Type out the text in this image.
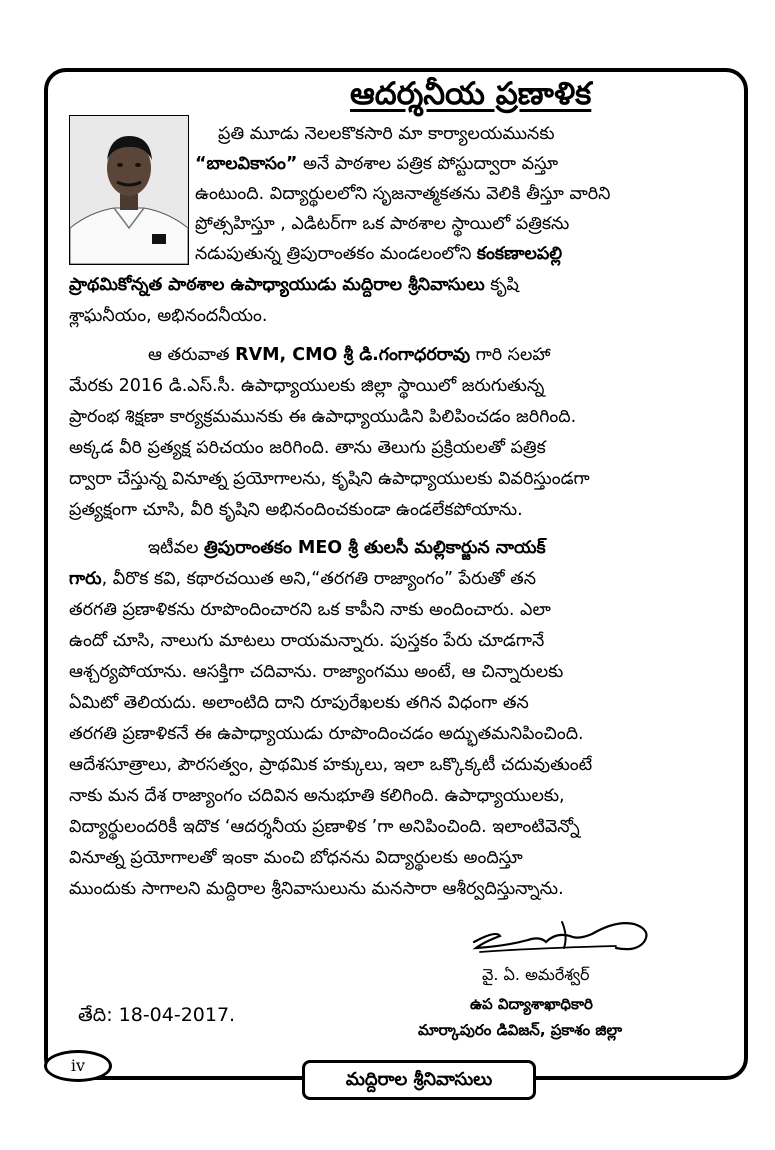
ఆదర్శనీయ ప్రణాళిక
ప్రతి మూడు నెలలకొకసారి మా కార్యాలయమునకు
“బాలవికాసం” అనే పాఠశాల పత్రిక పోస్టుద్వారా వస్తూ
ఉంటుంది. విద్యార్థులలోని సృజనాత్మకతను వెలికి తీస్తూ వారిని
ప్రోత్సహిస్తూ , ఎడిటర్‌గా ఒక పాఠశాల స్థాయిలో పత్రికను
నడుపుతున్న త్రిపురాంతకం మండలంలోని కంకణాలపల్లి
ప్రాథమికోన్నత పాఠశాల ఉపాధ్యాయుడు మద్దిరాల శ్రీనివాసులు కృషి
శ్లాఘనీయం, అభినందనీయం.
ఆ తరువాత RVM, CMO శ్రీ డి.గంగాధరరావు గారి సలహా
మేరకు 2016 డి.ఎస్.సీ. ఉపాధ్యాయులకు జిల్లా స్థాయిలో జరుగుతున్న
ప్రారంభ శిక్షణా కార్యక్రమమునకు ఈ ఉపాధ్యాయుడిని పిలిపించడం జరిగింది.
అక్కడ వీరి ప్రత్యక్ష పరిచయం జరిగింది. తాను తెలుగు ప్రక్రియలతో పత్రిక
ద్వారా చేస్తున్న వినూత్న ప్రయోగాలను, కృషిని ఉపాధ్యాయులకు వివరిస్తుండగా
ప్రత్యక్షంగా చూసి, వీరి కృషిని అభినందించకుండా ఉండలేకపోయాను.
ఇటీవల త్రిపురాంతకం MEO శ్రీ తులసీ మల్లికార్జున నాయక్
గారు, వీరొక కవి, కథారచయిత అని,“తరగతి రాజ్యాంగం” పేరుతో తన
తరగతి ప్రణాళికను రూపొందించారని ఒక కాపీని నాకు అందించారు. ఎలా
ఉందో చూసి, నాలుగు మాటలు రాయమన్నారు. పుస్తకం పేరు చూడగానే
ఆశ్చర్యపోయాను. ఆసక్తిగా చదివాను. రాజ్యాంగము అంటే, ఆ చిన్నారులకు
ఏమిటో తెలియదు. అలాంటిది దాని రూపురేఖలకు తగిన విధంగా తన
తరగతి ప్రణాళికనే ఈ ఉపాధ్యాయుడు రూపొందించడం అద్భుతమనిపించింది.
ఆదేశసూత్రాలు, పౌరసత్వం, ప్రాథమిక హక్కులు, ఇలా ఒక్కొక్కటీ చదువుతుంటే
నాకు మన దేశ రాజ్యాంగం చదివిన అనుభూతి కలిగింది. ఉపాధ్యాయులకు,
విద్యార్థులందరికీ ఇదొక ‘ఆదర్శనీయ ప్రణాళిక ’గా అనిపించింది. ఇలాంటివెన్నో
వినూత్న ప్రయోగాలతో ఇంకా మంచి బోధనను విద్యార్థులకు అందిస్తూ
ముందుకు సాగాలని మద్దిరాల శ్రీనివాసులును మనసారా ఆశీర్వదిస్తున్నాను.
వై. ఏ. అమరేశ్వర్
ఉప విద్యాశాఖాధికారి
మార్కాపురం డివిజన్, ప్రకాశం జిల్లా
తేది: 18-04-2017.
iv
మద్దిరాల శ్రీనివాసులు
